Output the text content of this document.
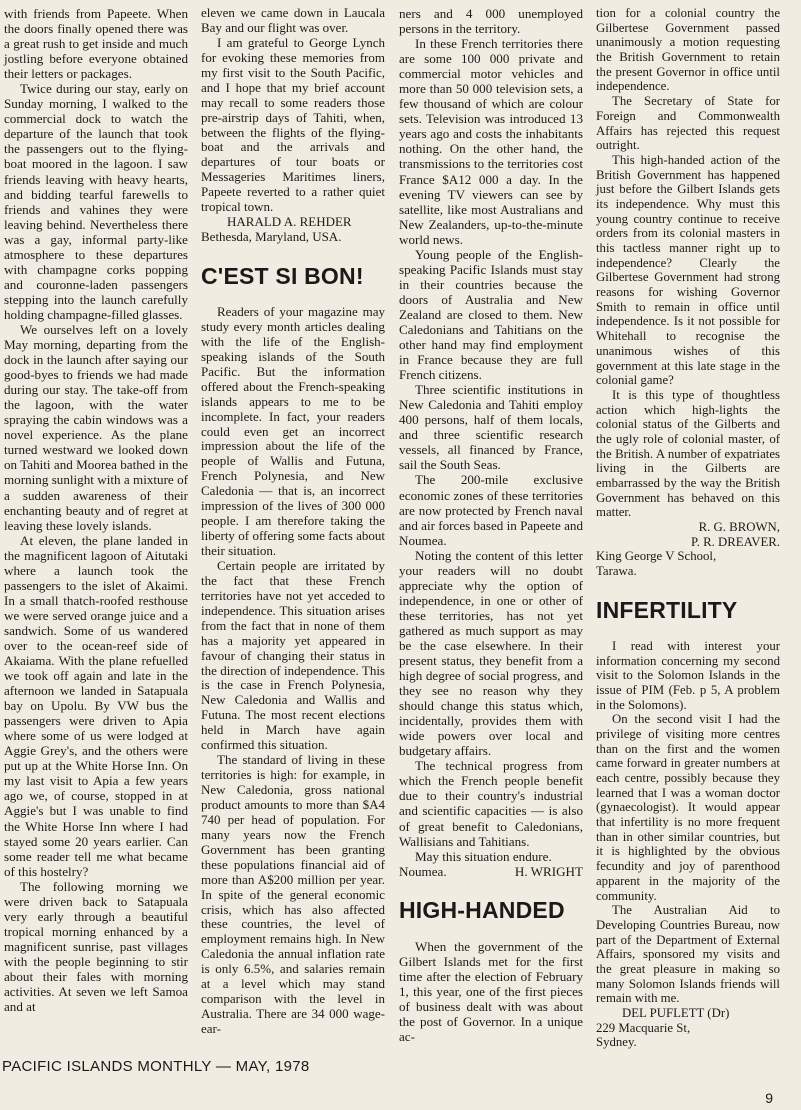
with friends from Papeete. When the doors finally opened there was a great rush to get inside and much jostling before everyone obtained their letters or packages.

Twice during our stay, early on Sunday morning, I walked to the commercial dock to watch the departure of the launch that took the passengers out to the flying-boat moored in the lagoon. I saw friends leaving with heavy hearts, and bidding tearful farewells to friends and vahines they were leaving behind. Nevertheless there was a gay, informal party-like atmosphere to these departures with champagne corks popping and couronne-laden passengers stepping into the launch carefully holding champagne-filled glasses.

We ourselves left on a lovely May morning, departing from the dock in the launch after saying our good-byes to friends we had made during our stay. The take-off from the lagoon, with the water spraying the cabin windows was a novel experience. As the plane turned westward we looked down on Tahiti and Moorea bathed in the morning sunlight with a mixture of a sudden awareness of their enchanting beauty and of regret at leaving these lovely islands.

At eleven, the plane landed in the magnificent lagoon of Aitutaki where a launch took the passengers to the islet of Akaimi. In a small thatch-roofed resthouse we were served orange juice and a sandwich. Some of us wandered over to the ocean-reef side of Akaiama. With the plane refuelled we took off again and late in the afternoon we landed in Satapuala bay on Upolu. By VW bus the passengers were driven to Apia where some of us were lodged at Aggie Grey's, and the others were put up at the White Horse Inn. On my last visit to Apia a few years ago we, of course, stopped in at Aggie's but I was unable to find the White Horse Inn where I had stayed some 20 years earlier. Can some reader tell me what became of this hostelry?

The following morning we were driven back to Satapuala very early through a beautiful tropical morning enhanced by a magnificent sunrise, past villages with the people beginning to stir about their fales with morning activities. At seven we left Samoa and at

eleven we came down in Laucala Bay and our flight was over.

I am grateful to George Lynch for evoking these memories from my first visit to the South Pacific, and I hope that my brief account may recall to some readers those pre-airstrip days of Tahiti, when, between the flights of the flying-boat and the arrivals and departures of tour boats or Messageries Maritimes liners, Papeete reverted to a rather quiet tropical town.

HARALD A. REHDER
Bethesda, Maryland, USA.
C'EST SI BON!

Readers of your magazine may study every month articles dealing with the life of the English-speaking islands of the South Pacific. But the information offered about the French-speaking islands appears to me to be incomplete. In fact, your readers could even get an incorrect impression about the life of the people of Wallis and Futuna, French Polynesia, and New Caledonia — that is, an incorrect impression of the lives of 300 000 people. I am therefore taking the liberty of offering some facts about their situation.

Certain people are irritated by the fact that these French territories have not yet acceded to independence. This situation arises from the fact that in none of them has a majority yet appeared in favour of changing their status in the direction of independence. This is the case in French Polynesia, New Caledonia and Wallis and Futuna. The most recent elections held in March have again confirmed this situation.

The standard of living in these territories is high: for example, in New Caledonia, gross national product amounts to more than $A4 740 per head of population. For many years now the French Government has been granting these populations financial aid of more than A$200 million per year. In spite of the general economic crisis, which has also affected these countries, the level of employment remains high. In New Caledonia the annual inflation rate is only 6.5%, and salaries remain at a level which may stand comparison with the level in Australia. There are 34 000 wage-ear-

ners and 4 000 unemployed persons in the territory.

In these French territories there are some 100 000 private and commercial motor vehicles and more than 50 000 television sets, a few thousand of which are colour sets. Television was introduced 13 years ago and costs the inhabitants nothing. On the other hand, the transmissions to the territories cost France $A12 000 a day. In the evening TV viewers can see by satellite, like most Australians and New Zealanders, up-to-the-minute world news.

Young people of the English-speaking Pacific Islands must stay in their countries because the doors of Australia and New Zealand are closed to them. New Caledonians and Tahitians on the other hand may find employment in France because they are full French citizens.

Three scientific institutions in New Caledonia and Tahiti employ 400 persons, half of them locals, and three scientific research vessels, all financed by France, sail the South Seas.

The 200-mile exclusive economic zones of these territories are now protected by French naval and air forces based in Papeete and Noumea.

Noting the content of this letter your readers will no doubt appreciate why the option of independence, in one or other of these territories, has not yet gathered as much support as may be the case elsewhere. In their present status, they benefit from a high degree of social progress, and they see no reason why they should change this status which, incidentally, provides them with wide powers over local and budgetary affairs.

The technical progress from which the French people benefit due to their country's industrial and scientific capacities — is also of great benefit to Caledonians, Wallisians and Tahitians.

May this situation endure.

Noumea.	H. WRIGHT
HIGH-HANDED

When the government of the Gilbert Islands met for the first time after the election of February 1, this year, one of the first pieces of business dealt with was about the post of Governor. In a unique ac-

tion for a colonial country the Gilbertese Government passed unanimously a motion requesting the British Government to retain the present Governor in office until independence.

The Secretary of State for Foreign and Commonwealth Affairs has rejected this request outright.

This high-handed action of the British Government has happened just before the Gilbert Islands gets its independence. Why must this young country continue to receive orders from its colonial masters in this tactless manner right up to independence? Clearly the Gilbertese Government had strong reasons for wishing Governor Smith to remain in office until independence. Is it not possible for Whitehall to recognise the unanimous wishes of this government at this late stage in the colonial game?

It is this type of thoughtless action which high-lights the colonial status of the Gilberts and the ugly role of colonial master, of the British. A number of expatriates living in the Gilberts are embarrassed by the way the British Government has behaved on this matter.

R. G. BROWN,
P. R. DREAVER.
King George V School,
Tarawa.
INFERTILITY

I read with interest your information concerning my second visit to the Solomon Islands in the issue of PIM (Feb. p 5, A problem in the Solomons).

On the second visit I had the privilege of visiting more centres than on the first and the women came forward in greater numbers at each centre, possibly because they learned that I was a woman doctor (gynaecologist). It would appear that infertility is no more frequent than in other similar countries, but it is highlighted by the obvious fecundity and joy of parenthood apparent in the majority of the community.

The Australian Aid to Developing Countries Bureau, now part of the Department of External Affairs, sponsored my visits and the great pleasure in making so many Solomon Islands friends will remain with me.

DEL PUFLETT (Dr)
229 Macquarie St,
Sydney.
PACIFIC ISLANDS MONTHLY — MAY, 1978
9
